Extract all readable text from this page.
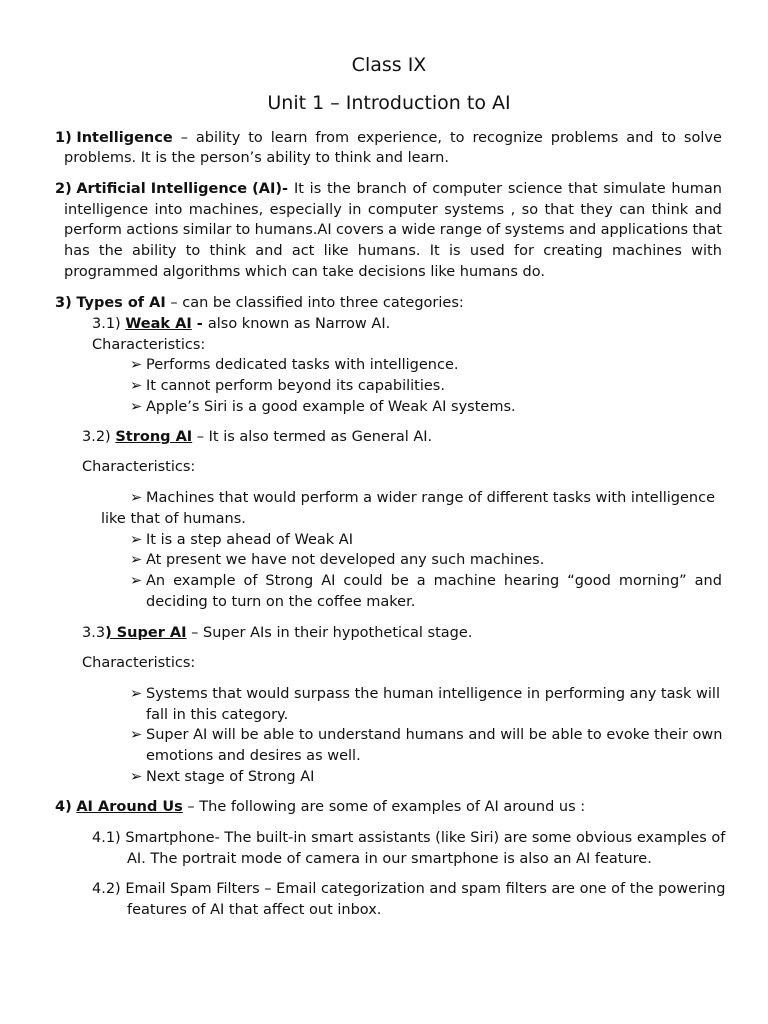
Class IX
Unit 1 – Introduction to AI
1)
Intelligence – ability to learn from experience, to recognize problems and to solve
problems. It is the person’s ability to think and learn.
2)
Artificial Intelligence (AI)- It is the branch of computer science that simulate human
intelligence into machines, especially in computer systems , so that they can think and
perform actions similar to humans.AI covers a wide range of systems and applications that
has the ability to think and act like humans. It is used for creating machines with
programmed algorithms which can take decisions like humans do.
3) Types of AI – can be classified into three categories:
3.1) Weak AI - also known as Narrow AI.
Characteristics:
➢ Performs dedicated tasks with intelligence.
➢ It cannot perform beyond its capabilities.
➢ Apple’s Siri is a good example of Weak AI systems.
3.2) Strong AI – It is also termed as General AI.
Characteristics:
➢ Machines that would perform a wider range of different tasks with intelligence
like that of humans.
➢ It is a step ahead of Weak AI
➢ At present we have not developed any such machines.
➢ An example of Strong AI could be a machine hearing “good morning” and
deciding to turn on the coffee maker.
3.3) Super AI – Super AIs in their hypothetical stage.
Characteristics:
➢ Systems that would surpass the human intelligence in performing any task will
fall in this category.
➢ Super AI will be able to understand humans and will be able to evoke their own
emotions and desires as well.
➢ Next stage of Strong AI
4) AI Around Us – The following are some of examples of AI around us :
4.1) Smartphone- The built-in smart assistants (like Siri) are some obvious examples of
AI. The portrait mode of camera in our smartphone is also an AI feature.
4.2) Email Spam Filters – Email categorization and spam filters are one of the powering
features of AI that affect out inbox.
